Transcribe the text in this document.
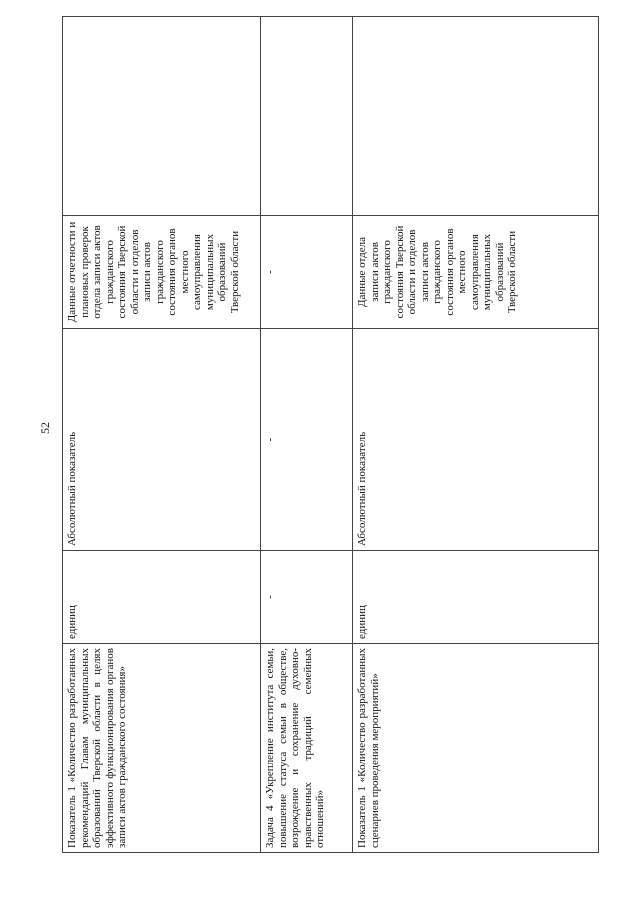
52
Показатель 1 «Количество разработанных рекомендаций Главам муниципальных образований Тверской области в целях эффективного функционирования органов записи актов гражданского состояния»	единиц	Абсолютный показатель	Данные отчетности и плановых проверок отдела записи актов гражданского состояния Тверской области и отделов записи актов гражданского состояния органов местного самоуправления муниципальных образований Тверской области	
Задача 4 «Укрепление института семьи, повышение статуса семьи в обществе, возрождение и сохранение духовно-нравственных традиций семейных отношений»	-	-	-	
Показатель 1 «Количество разработанных сценариев проведения мероприятий»	единиц	Абсолютный показатель	Данные отдела записи актов гражданского состояния Тверской области и отделов записи актов гражданского состояния органов местного самоуправления муниципальных образований Тверской области	
